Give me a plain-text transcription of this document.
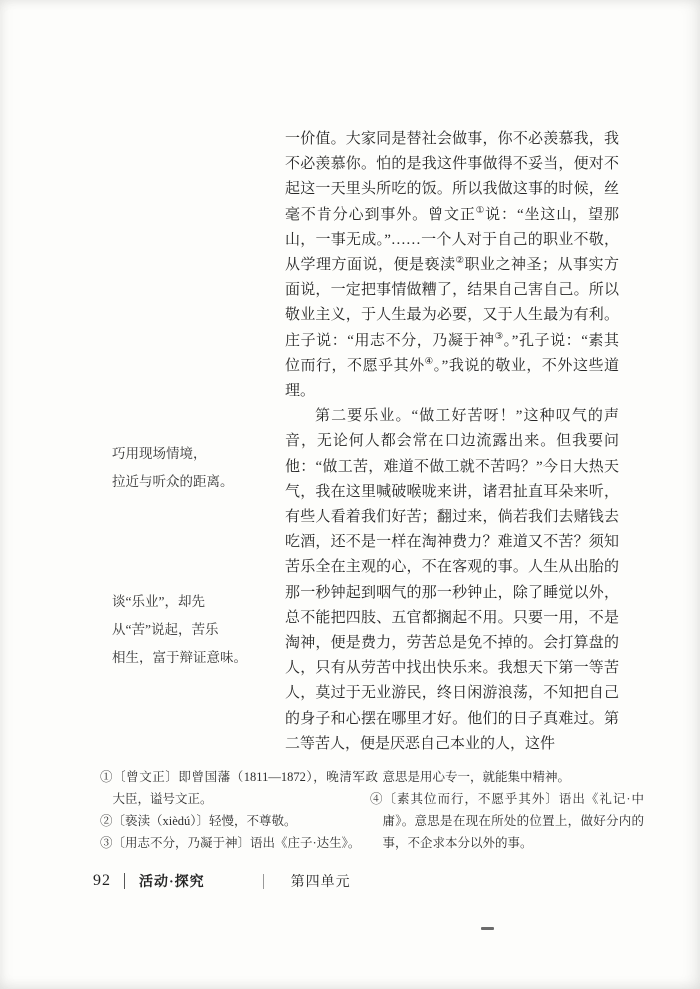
一价值。大家同是替社会做事，你不必羡慕我，我不必羡慕你。怕的是我这件事做得不妥当，便对不起这一天里头所吃的饭。所以我做这事的时候，丝毫不肯分心到事外。曾文正①说：“坐这山，望那山，一事无成。”……一个人对于自己的职业不敬，从学理方面说，便是亵渎②职业之神圣；从事实方面说，一定把事情做糟了，结果自己害自己。所以敬业主义，于人生最为必要，又于人生最为有利。庄子说：“用志不分，乃凝于神③。”孔子说：“素其位而行，不愿乎其外④。”我说的敬业，不外这些道理。

第二要乐业。“做工好苦呀！”这种叹气的声音，无论何人都会常在口边流露出来。但我要问他：“做工苦，难道不做工就不苦吗？”今日大热天气，我在这里喊破喉咙来讲，诸君扯直耳朵来听，有些人看着我们好苦；翻过来，倘若我们去赌钱去吃酒，还不是一样在淘神费力？难道又不苦？须知苦乐全在主观的心，不在客观的事。人生从出胎的那一秒钟起到咽气的那一秒钟止，除了睡觉以外，总不能把四肢、五官都搁起不用。只要一用，不是淘神，便是费力，劳苦总是免不掉的。会打算盘的人，只有从劳苦中找出快乐来。我想天下第一等苦人，莫过于无业游民，终日闲游浪荡，不知把自己的身子和心摆在哪里才好。他们的日子真难过。第二等苦人，便是厌恶自己本业的人，这件

巧用现场情境，
拉近与听众的距离。
谈“乐业”，却先
从“苦”说起，苦乐
相生，富于辩证意味。
①〔曾文正〕即曾国藩（1811—1872），晚清军政大臣，谥号文正。
②〔亵渎（xièdú）〕轻慢，不尊敬。
③〔用志不分，乃凝于神〕语出《庄子·达生》。
意思是用心专一，就能集中精神。
④〔素其位而行，不愿乎其外〕语出《礼记·中庸》。意思是在现在所处的位置上，做好分内的事，不企求本分以外的事。
92 活动·探究	第四单元
